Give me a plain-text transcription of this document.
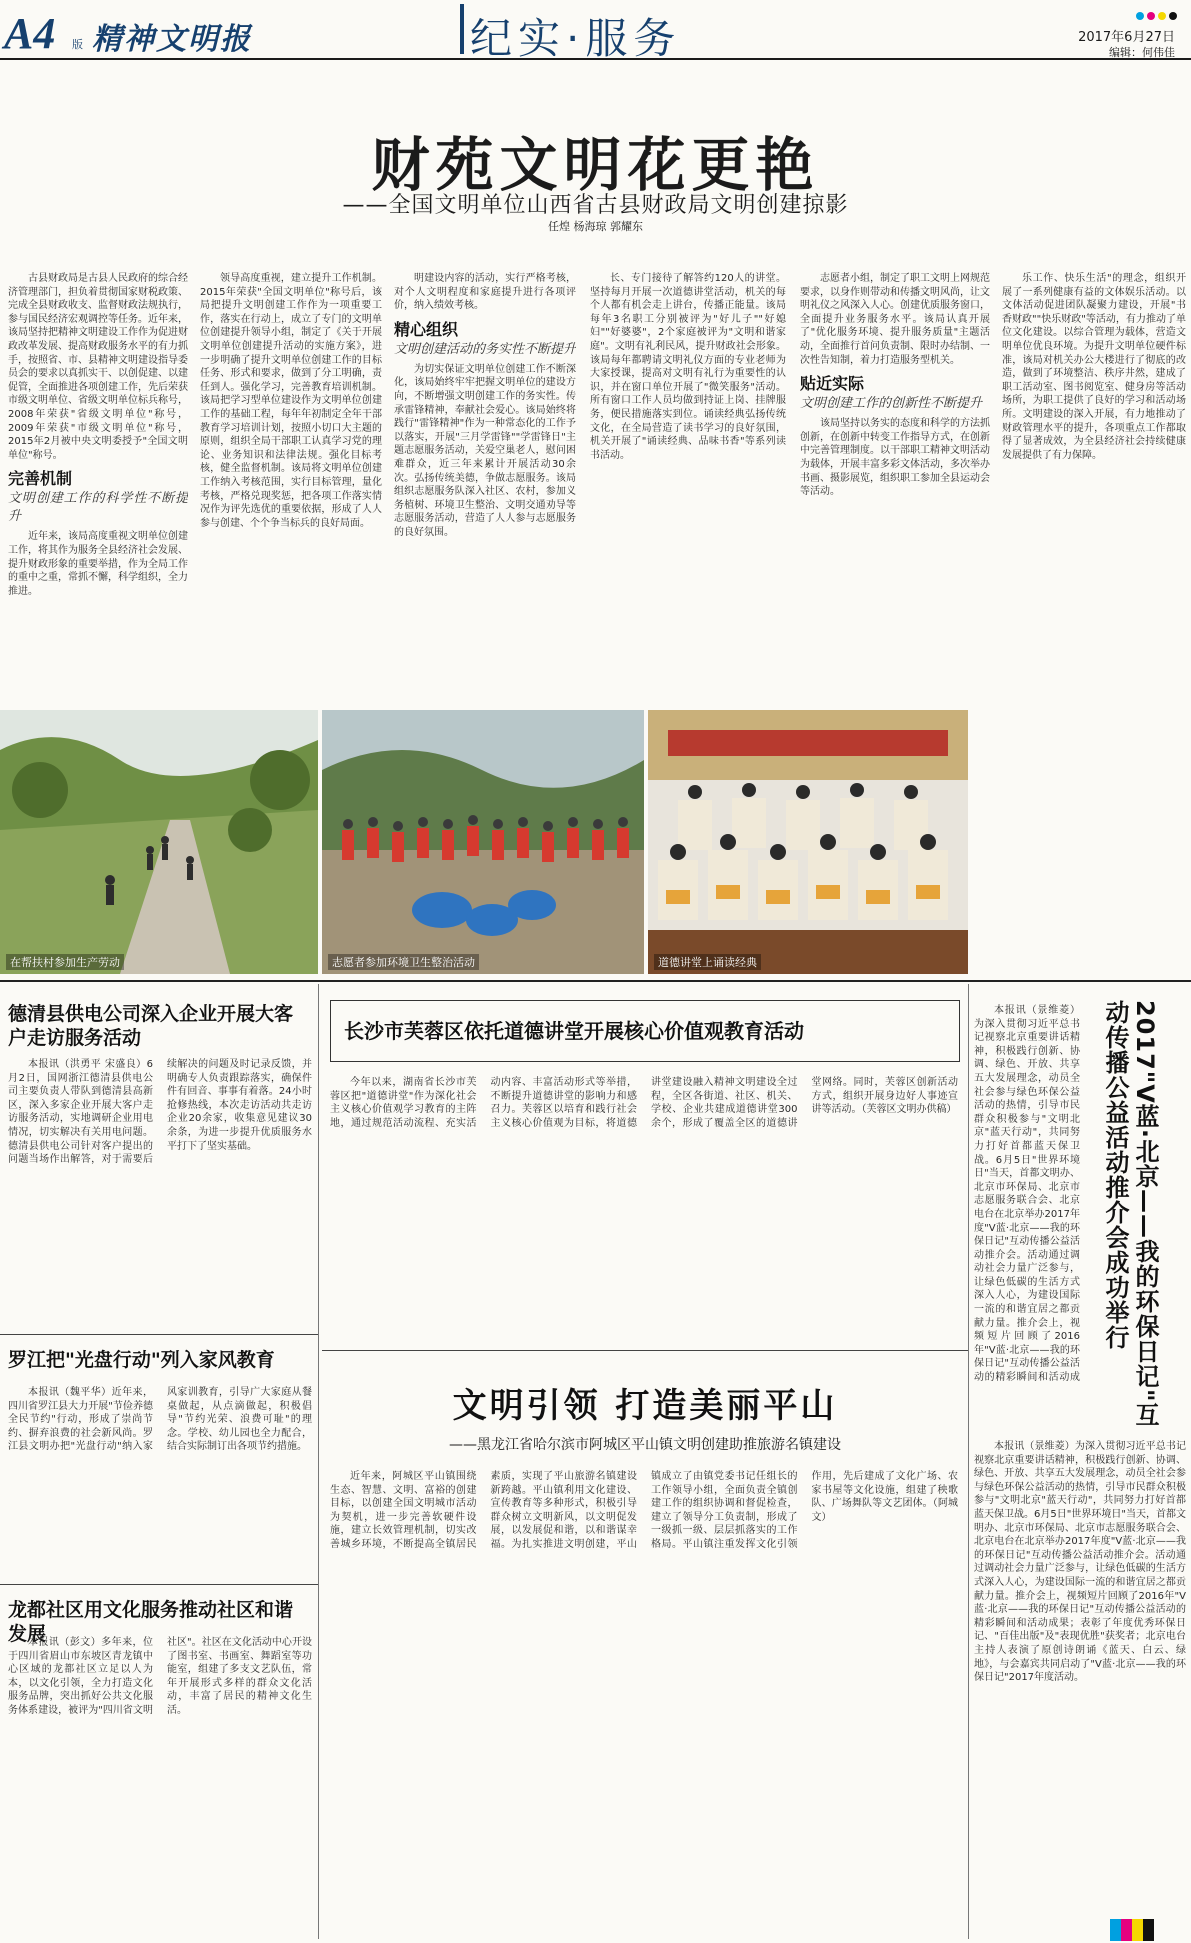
A4 版 精神文明报	纪实·服务	2017年6月27日
编辑：何伟佳
财苑文明花更艳
——全国文明单位山西省古县财政局文明创建掠影
任煌 杨海琼 郭耀东

古县财政局是古县人民政府的综合经济管理部门，担负着贯彻国家财税政策、完成全县财政收支、监督财政法规执行，参与国民经济宏观调控等任务。近年来，该局坚持把精神文明建设工作作为促进财政改革发展、提高财政服务水平的有力抓手，按照省、市、县精神文明建设指导委员会的要求以真抓实干、以创促建、以建促管，全面推进各项创建工作，先后荣获市级文明单位、省级文明单位标兵称号，2008年荣获"省级文明单位"称号，2009年荣获"市级文明单位"称号，2015年2月被中央文明委授予"全国文明单位"称号。

完善机制
文明创建工作的科学性不断提升

近年来，该局高度重视文明单位创建工作，将其作为服务全县经济社会发展、提升财政形象的重要举措，作为全局工作的重中之重，常抓不懈，科学组织，全力推进。

领导高度重视，建立提升工作机制。2015年荣获"全国文明单位"称号后，该局把提升文明创建工作作为一项重要工作，落实在行动上，成立了专门的文明单位创建提升领导小组，制定了《关于开展文明单位创建提升活动的实施方案》，进一步明确了提升文明单位创建工作的目标任务、形式和要求，做到了分工明确，责任到人。强化学习，完善教育培训机制。该局把学习型单位建设作为文明单位创建工作的基础工程，每年年初制定全年干部教育学习培训计划，按照小切口大主题的原则，组织全局干部职工认真学习党的理论、业务知识和法律法规。强化目标考核，健全监督机制。该局将文明单位创建工作纳入考核范围，实行目标管理，量化考核，严格兑现奖惩，把各项工作落实情况作为评先选优的重要依据，形成了人人参与创建、个个争当标兵的良好局面。

明建设内容的活动，实行严格考核，对个人文明程度和家庭提升进行各项评价，纳入绩效考核。

精心组织
文明创建活动的务实性不断提升

为切实保证文明单位创建工作不断深化，该局始终牢牢把握文明单位的建设方向，不断增强文明创建工作的务实性。传承雷锋精神，奉献社会爱心。该局始终将践行"雷锋精神"作为一种常态化的工作予以落实，开展"三月学雷锋""学雷锋日"主题志愿服务活动，关爱空巢老人，慰问困难群众，近三年来累计开展活动30余次。弘扬传统美德，争做志愿服务。该局组织志愿服务队深入社区、农村，参加义务植树、环境卫生整治、文明交通劝导等志愿服务活动，营造了人人参与志愿服务的良好氛围。

长、专门接待了解答约120人的讲堂。坚持每月开展一次道德讲堂活动，机关的每个人都有机会走上讲台，传播正能量。该局每年3名职工分别被评为"好儿子""好媳妇""好婆婆"，2个家庭被评为"文明和谐家庭"。文明有礼利民风，提升财政社会形象。该局每年都聘请文明礼仪方面的专业老师为大家授课，提高对文明有礼行为重要性的认识，并在窗口单位开展了"微笑服务"活动。所有窗口工作人员均做到持证上岗、挂牌服务，便民措施落实到位。诵读经典弘扬传统文化，在全局营造了读书学习的良好氛围，机关开展了"诵读经典、品味书香"等系列读书活动。

志愿者小组，制定了职工文明上网规范要求，以身作则带动和传播文明风尚，让文明礼仪之风深入人心。创建优质服务窗口，全面提升业务服务水平。该局认真开展了"优化服务环境、提升服务质量"主题活动，全面推行首问负责制、限时办结制、一次性告知制，着力打造服务型机关。

贴近实际
文明创建工作的创新性不断提升

该局坚持以务实的态度和科学的方法抓创新，在创新中转变工作指导方式，在创新中完善管理制度。以干部职工精神文明活动为载体，开展丰富多彩文体活动，多次举办书画、摄影展览，组织职工参加全县运动会等活动。

乐工作、快乐生活"的理念，组织开展了一系列健康有益的文体娱乐活动。以文体活动促进团队凝聚力建设，开展"书香财政""快乐财政"等活动，有力推动了单位文化建设。以综合管理为载体，营造文明单位优良环境。为提升文明单位硬件标准，该局对机关办公大楼进行了彻底的改造，做到了环境整洁、秩序井然，建成了职工活动室、图书阅览室、健身房等活动场所，为职工提供了良好的学习和活动场所。文明建设的深入开展，有力地推动了财政管理水平的提升，各项重点工作都取得了显著成效，为全县经济社会持续健康发展提供了有力保障。

在帮扶村参加生产劳动	志愿者参加环境卫生整治活动	道德讲堂上诵读经典
德清县供电公司深入企业开展大客户走访服务活动

本报讯（洪勇平 宋盛良）6月2日，国网浙江德清县供电公司主要负责人带队到德清县高新区，深入多家企业开展大客户走访服务活动，实地调研企业用电情况，切实解决有关用电问题。德清县供电公司针对客户提出的问题当场作出解答，对于需要后续解决的问题及时记录反馈，并明确专人负责跟踪落实，确保件件有回音、事事有着落。24小时抢修热线，本次走访活动共走访企业20余家，收集意见建议30余条，为进一步提升优质服务水平打下了坚实基础。

罗江把"光盘行动"列入家风教育

本报讯（魏平华）近年来，四川省罗江县大力开展"节俭养德 全民节约"行动，形成了崇尚节约、摒弃浪费的社会新风尚。罗江县文明办把"光盘行动"纳入家风家训教育，引导广大家庭从餐桌做起，从点滴做起，积极倡导"节约光荣、浪费可耻"的理念。学校、幼儿园也全力配合，结合实际制订出各项节约措施。

龙都社区用文化服务推动社区和谐发展

本报讯（彭文）多年来，位于四川省眉山市东坡区青龙镇中心区域的龙都社区立足以人为本，以文化引领，全力打造文化服务品牌，突出抓好公共文化服务体系建设，被评为"四川省文明社区"。社区在文化活动中心开设了图书室、书画室、舞蹈室等功能室，组建了多支文艺队伍，常年开展形式多样的群众文化活动，丰富了居民的精神文化生活。

长沙市芙蓉区依托道德讲堂开展核心价值观教育活动

今年以来，湖南省长沙市芙蓉区把"道德讲堂"作为深化社会主义核心价值观学习教育的主阵地，通过规范活动流程、充实活动内容、丰富活动形式等举措，不断提升道德讲堂的影响力和感召力。芙蓉区以培育和践行社会主义核心价值观为目标，将道德讲堂建设融入精神文明建设全过程，全区各街道、社区、机关、学校、企业共建成道德讲堂300余个，形成了覆盖全区的道德讲堂网络。同时，芙蓉区创新活动方式，组织开展身边好人事迹宣讲等活动。（芙蓉区文明办供稿）

文明引领 打造美丽平山
——黑龙江省哈尔滨市阿城区平山镇文明创建助推旅游名镇建设

近年来，阿城区平山镇围绕生态、智慧、文明、富裕的创建目标，以创建全国文明城市活动为契机，进一步完善软硬件设施，建立长效管理机制，切实改善城乡环境，不断提高全镇居民素质，实现了平山旅游名镇建设新跨越。平山镇利用文化建设、宣传教育等多种形式，积极引导群众树立文明新风，以文明促发展，以发展促和谐，以和谐谋幸福。为扎实推进文明创建，平山镇成立了由镇党委书记任组长的工作领导小组，全面负责全镇创建工作的组织协调和督促检查，建立了领导分工负责制，形成了一级抓一级、层层抓落实的工作格局。平山镇注重发挥文化引领作用，先后建成了文化广场、农家书屋等文化设施，组建了秧歌队、广场舞队等文艺团体。（阿城文）

本报讯（景维菱）为深入贯彻习近平总书记视察北京重要讲话精神，积极践行创新、协调、绿色、开放、共享五大发展理念，动员全社会参与绿色环保公益活动的热情，引导市民群众积极参与"文明北京"蓝天行动"，共同努力打好首都蓝天保卫战。6月5日"世界环境日"当天，首都文明办、北京市环保局、北京市志愿服务联合会、北京电台在北京举办2017年度"V蓝·北京——我的环保日记"互动传播公益活动推介会。活动通过调动社会力量广泛参与，让绿色低碳的生活方式深入人心，为建设国际一流的和谐宜居之都贡献力量。推介会上，视频短片回顾了2016年"V蓝·北京——我的环保日记"互动传播公益活动的精彩瞬间和活动成	2017"V蓝·北京——我的环保日记"互动传播公益活动推介会成功举行

本报讯（景维菱）为深入贯彻习近平总书记视察北京重要讲话精神，积极践行创新、协调、绿色、开放、共享五大发展理念，动员全社会参与绿色环保公益活动的热情，引导市民群众积极参与"文明北京"蓝天行动"，共同努力打好首都蓝天保卫战。6月5日"世界环境日"当天，首都文明办、北京市环保局、北京市志愿服务联合会、北京电台在北京举办2017年度"V蓝·北京——我的环保日记"互动传播公益活动推介会。活动通过调动社会力量广泛参与，让绿色低碳的生活方式深入人心，为建设国际一流的和谐宜居之都贡献力量。推介会上，视频短片回顾了2016年"V蓝·北京——我的环保日记"互动传播公益活动的精彩瞬间和活动成果；表彰了年度优秀环保日记、"百佳出版"及"表现优胜"获奖者；北京电台主持人表演了原创诗朗诵《蓝天、白云、绿地》，与会嘉宾共同启动了"V蓝·北京——我的环保日记"2017年度活动。
